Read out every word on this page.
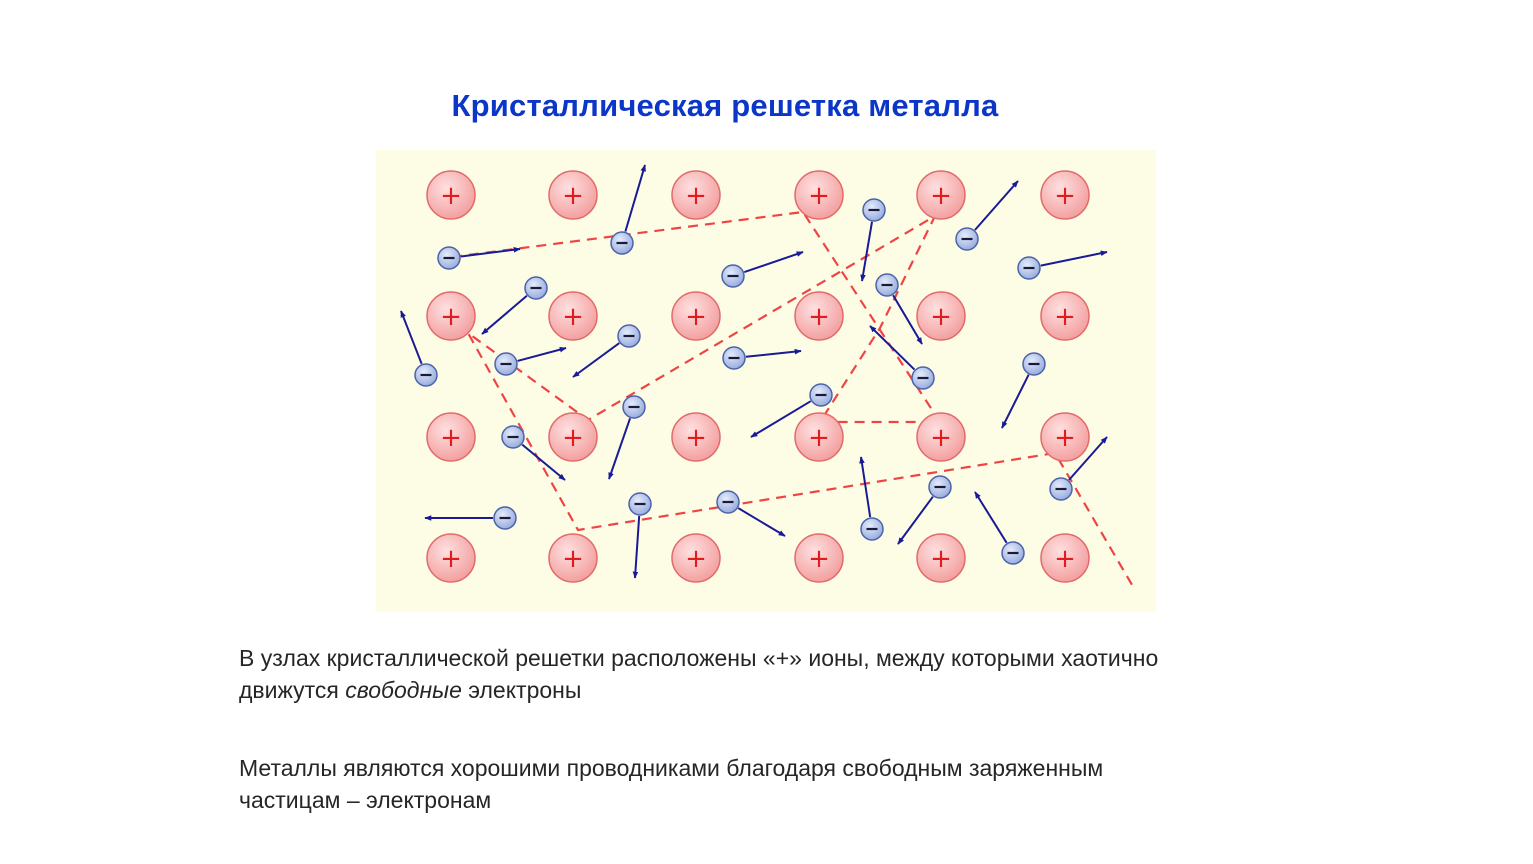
Кристаллическая решетка металла
+	+	+	+	+	+
+	+	+	+	+	+
+	+	+	+	+	+
+	+	+	+	+	+
В узлах кристаллической решетки расположены «+» ионы, между которыми хаотично
движутся свободные электроны
Металлы являются хорошими проводниками благодаря свободным заряженным
частицам – электронам
